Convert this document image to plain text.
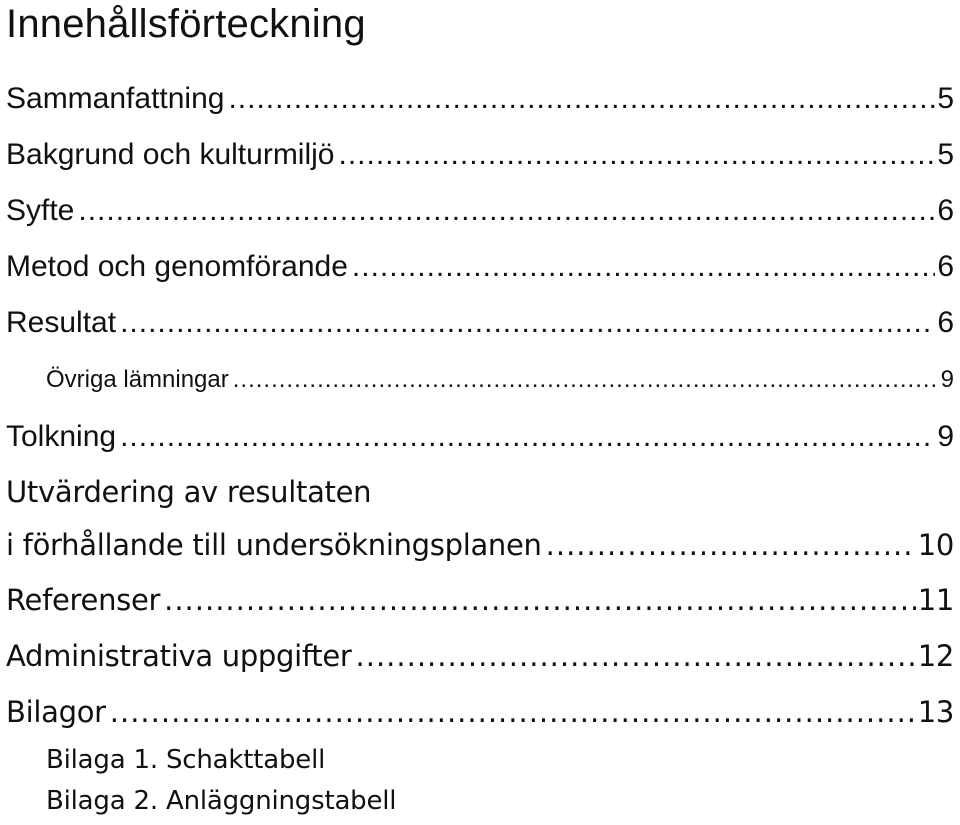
Innehållsförteckning
Sammanfattning .....	5
Bakgrund och kulturmiljö .....	5
Syfte .....	6
Metod och genomförande .....	6
Resultat .....	6
Övriga lämningar .....	9
Tolkning .....	9
Utvärdering av resultaten
i förhållande till undersökningsplanen .....	10
Referenser .....	11
Administrativa uppgifter .....	12
Bilagor .....	13
Bilaga 1. Schakttabell
Bilaga 2. Anläggningstabell
